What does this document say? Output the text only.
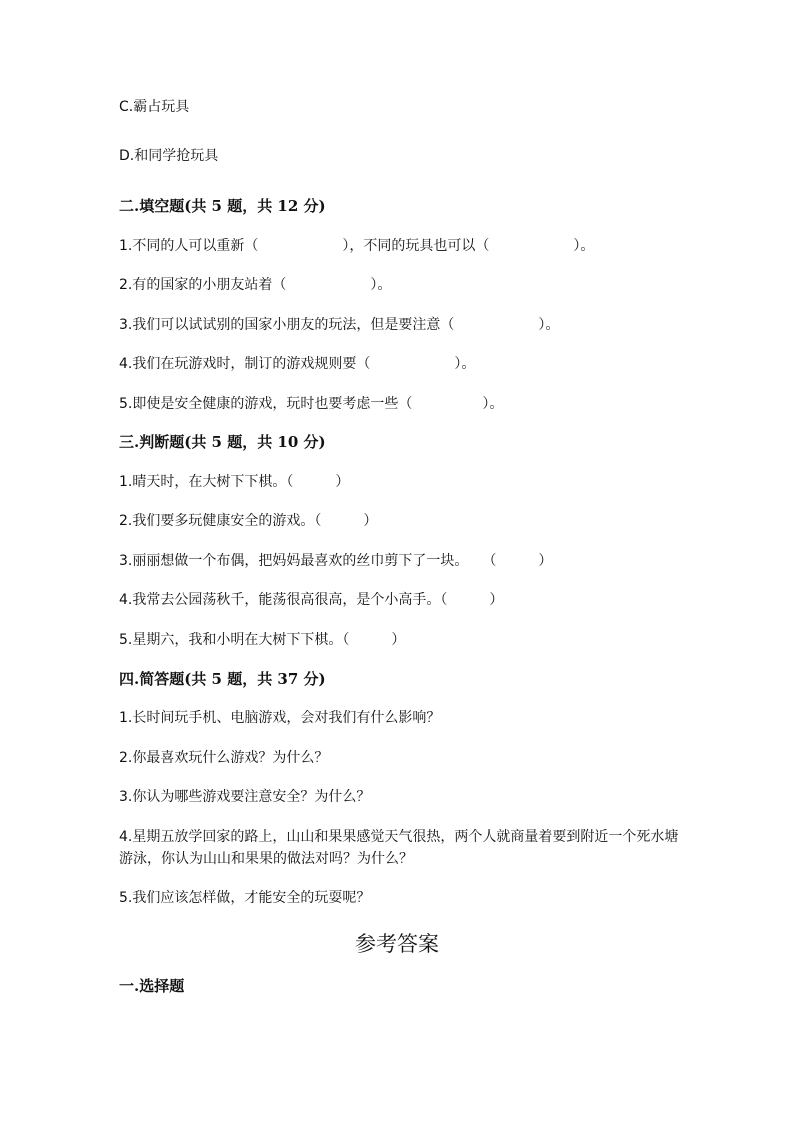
C.霸占玩具
D.和同学抢玩具
二.填空题(共 5 题，共 12 分)
1.不同的人可以重新（　　　　　　），不同的玩具也可以（　　　　　　）。
2.有的国家的小朋友站着（　　　　　　）。
3.我们可以试试别的国家小朋友的玩法，但是要注意（　　　　　　）。
4.我们在玩游戏时，制订的游戏规则要（　　　　　　）。
5.即使是安全健康的游戏，玩时也要考虑一些（　　　　　）。
三.判断题(共 5 题，共 10 分)
1.晴天时，在大树下下棋。（　　　）
2.我们要多玩健康安全的游戏。（　　　）
3.丽丽想做一个布偶，把妈妈最喜欢的丝巾剪下了一块。　　（　　　）
4.我常去公园荡秋千，能荡很高很高，是个小高手。（　　　）
5.星期六，我和小明在大树下下棋。（　　　）
四.简答题(共 5 题，共 37 分)
1.长时间玩手机、电脑游戏，会对我们有什么影响？
2.你最喜欢玩什么游戏？为什么？
3.你认为哪些游戏要注意安全？为什么？
4.星期五放学回家的路上，山山和果果感觉天气很热，两个人就商量着要到附近一个死水塘游泳，你认为山山和果果的做法对吗？为什么？
5.我们应该怎样做，才能安全的玩耍呢？
参考答案
一.选择题
